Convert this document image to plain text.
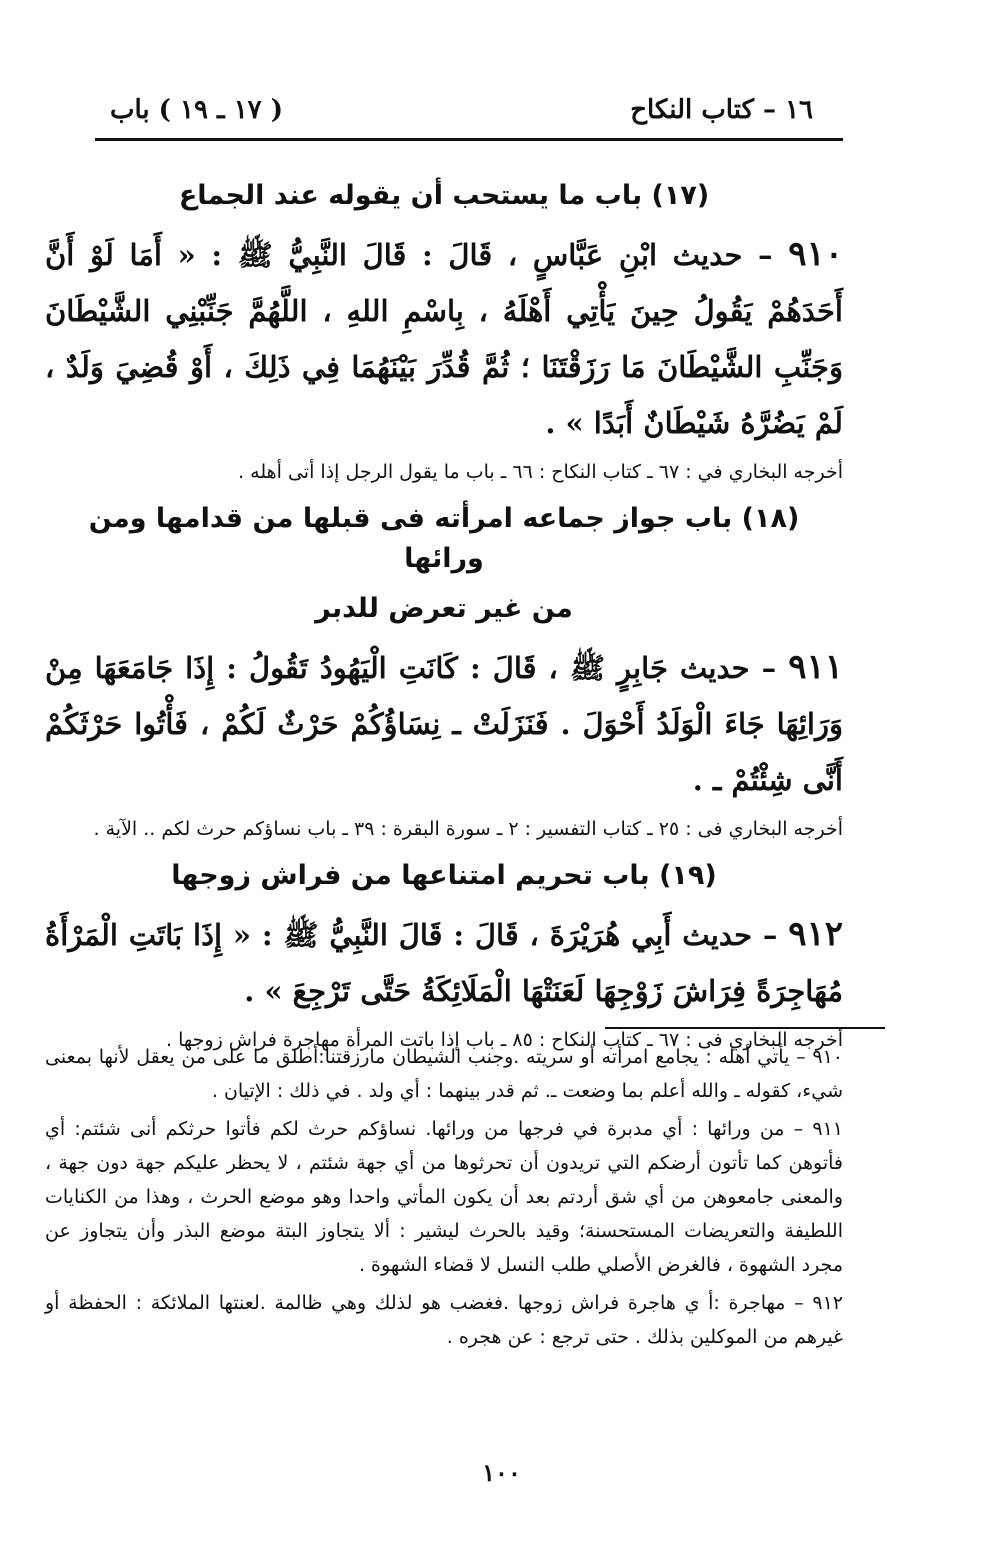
١٦ – كتاب النكاح
( ١٧ ـ ١٩ ) باب
(١٧) باب ما يستحب أن يقوله عند الجماع
٩١٠ – حديث ابْنِ عَبَّاسٍ ، قَالَ : قَالَ النَّبِيُّ ﷺ : « أَمَا لَوْ أَنَّ أَحَدَهُمْ يَقُولُ حِينَ يَأْتِي أَهْلَهُ ، بِاسْمِ اللهِ ، اللَّهُمَّ جَنِّبْنِي الشَّيْطَانَ وَجَنِّبِ الشَّيْطَانَ مَا رَزَقْتَنَا ؛ ثُمَّ قُدِّرَ بَيْنَهُمَا فِي ذَلِكَ ، أَوْ قُضِيَ وَلَدٌ ، لَمْ يَضُرَّهُ شَيْطَانٌ أَبَدًا » .
أخرجه البخاري في : ٦٧ ـ كتاب النكاح : ٦٦ ـ باب ما يقول الرجل إذا أتى أهله .
(١٨) باب جواز جماعه امرأته فى قبلها من قدامها ومن ورائها
من غير تعرض للدبر
٩١١ – حديث جَابِرٍ ﷺ ، قَالَ : كَانَتِ الْيَهُودُ تَقُولُ : إِذَا جَامَعَهَا مِنْ وَرَائِهَا جَاءَ الْوَلَدُ أَحْوَلَ . فَنَزَلَتْ ـ نِسَاؤُكُمْ حَرْثٌ لَكُمْ ، فَأْتُوا حَرْثَكُمْ أَنَّى شِئْتُمْ ـ .
أخرجه البخاري فى : ٢٥ ـ كتاب التفسير : ٢ ـ سورة البقرة : ٣٩ ـ باب نساؤكم حرث لكم .. الآية .
(١٩) باب تحريم امتناعها من فراش زوجها
٩١٢ – حديث أَبِي هُرَيْرَةَ ، قَالَ : قَالَ النَّبِيُّ ﷺ : « إِذَا بَاتَتِ الْمَرْأَةُ مُهَاجِرَةً فِرَاشَ زَوْجِهَا لَعَنَتْهَا الْمَلَائِكَةُ حَتَّى تَرْجِعَ » .
أخرجه البخاري فى : ٦٧ ـ كتاب النكاح : ٨٥ ـ باب إذا باتت المرأة مهاجرة فراش زوجها .
٩١٠ – يأتي أهله : يجامع امرأته أو سريته .وجنب الشيطان مارزقتنا:أطلق ما على من يعقل لأنها بمعنى شيء، كقوله ـ والله أعلم بما وضعت ـ. ثم قدر بينهما : أي ولد . في ذلك : الإتيان .
٩١١ – من ورائها : أي مدبرة في فرجها من ورائها. نساؤكم حرث لكم فأتوا حرثكم أنى شئتم: أي فأتوهن كما تأتون أرضكم التي تريدون أن تحرثوها من أي جهة شئتم ، لا يحظر عليكم جهة دون جهة ، والمعنى جامعوهن من أي شق أردتم بعد أن يكون المأتي واحدا وهو موضع الحرث ، وهذا من الكنايات اللطيفة والتعريضات المستحسنة؛ وقيد بالحرث ليشير : ألا يتجاوز البتة موضع البذر وأن يتجاوز عن مجرد الشهوة ، فالغرض الأصلي طلب النسل لا قضاء الشهوة .
٩١٢ – مهاجرة :أ ي هاجرة فراش زوجها .فغضب هو لذلك وهي ظالمة .لعنتها الملائكة : الحفظة أو غيرهم من الموكلين بذلك . حتى ترجع : عن هجره .
١٠٠
